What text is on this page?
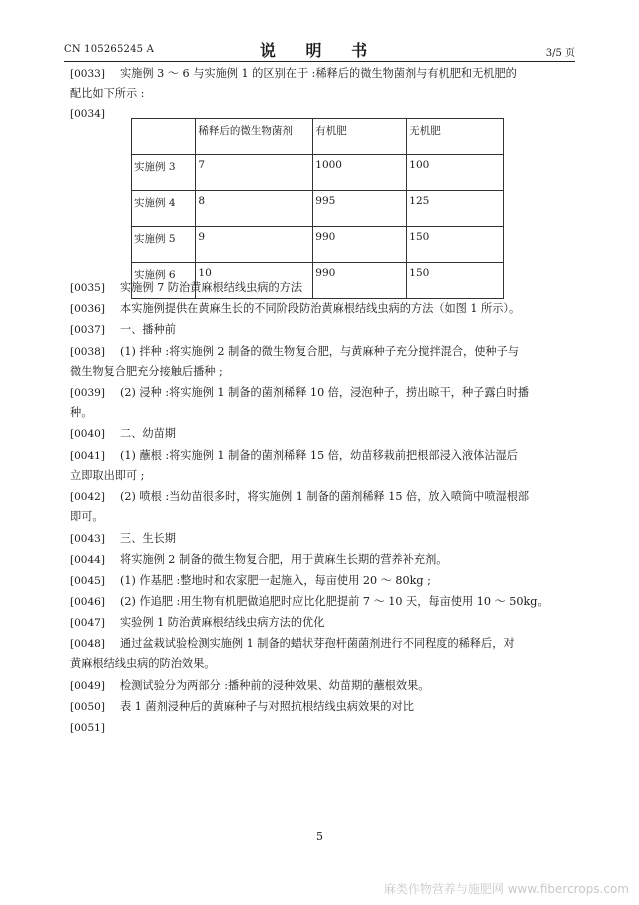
CN 105265245 A	说 明 书	3/5 页
[0033] 实施例 3 ～ 6 与实施例 1 的区别在于 :稀释后的微生物菌剂与有机肥和无机肥的
配比如下所示 :
[0034]
	稀释后的微生物菌剂	有机肥	无机肥
实施例 3	7	1000	100
实施例 4	8	995	125
实施例 5	9	990	150
实施例 6	10	990	150
[0035] 实施例 7 防治黄麻根结线虫病的方法
[0036] 本实施例提供在黄麻生长的不同阶段防治黄麻根结线虫病的方法（如图 1 所示）。
[0037] 一、播种前
[0038] (1) 拌种 :将实施例 2 制备的微生物复合肥，与黄麻种子充分搅拌混合，使种子与
微生物复合肥充分接触后播种 ;
[0039] (2) 浸种 :将实施例 1 制备的菌剂稀释 10 倍，浸泡种子，捞出晾干，种子露白时播
种。
[0040] 二、幼苗期
[0041] (1) 蘸根 :将实施例 1 制备的菌剂稀释 15 倍，幼苗移栽前把根部浸入液体沾湿后
立即取出即可 ;
[0042] (2) 喷根 :当幼苗很多时，将实施例 1 制备的菌剂稀释 15 倍，放入喷筒中喷湿根部
即可。
[0043] 三、生长期
[0044] 将实施例 2 制备的微生物复合肥，用于黄麻生长期的营养补充剂。
[0045] (1) 作基肥 :整地时和农家肥一起施入，每亩使用 20 ～ 80kg ;
[0046] (2) 作追肥 :用生物有机肥做追肥时应比化肥提前 7 ～ 10 天，每亩使用 10 ～ 50kg。
[0047] 实验例 1 防治黄麻根结线虫病方法的优化
[0048] 通过盆栽试验检测实施例 1 制备的蜡状芽孢杆菌菌剂进行不同程度的稀释后，对
黄麻根结线虫病的防治效果。
[0049] 检测试验分为两部分 :播种前的浸种效果、幼苗期的蘸根效果。
[0050] 表 1 菌剂浸种后的黄麻种子与对照抗根结线虫病效果的对比
[0051]
5
麻类作物营养与施肥网 www.fibercrops.com
